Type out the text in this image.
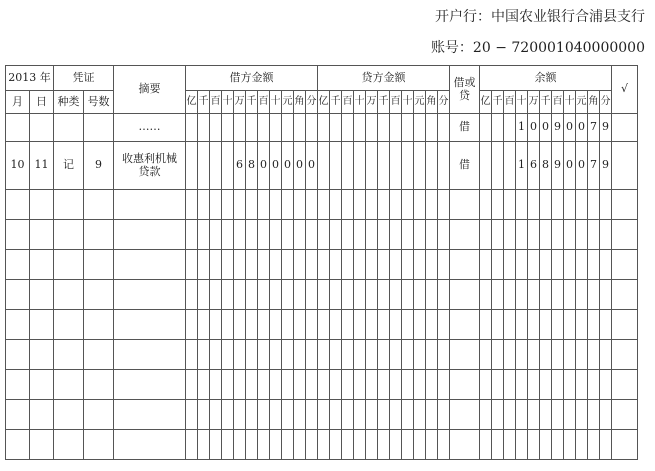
开户行：中国农业银行合浦县支行
账号：20 − 720001040000000
2013 年		凭证		摘要	借方金额											贷方金额											借或贷	余额											√
月	日	种类	号数		亿	千	百	十	万	千	百	十	元	角	分	亿	千	百	十	万	千	百	十	元	角	分		亿	千	百	十	万	千	百	十	元	角	分	
				……																							借				1	0	0	9	0	0	7	9	
10	11	记	9	收惠利机械贷款					6	8	0	0	0	0	0												借				1	6	8	9	0	0	7	9	
